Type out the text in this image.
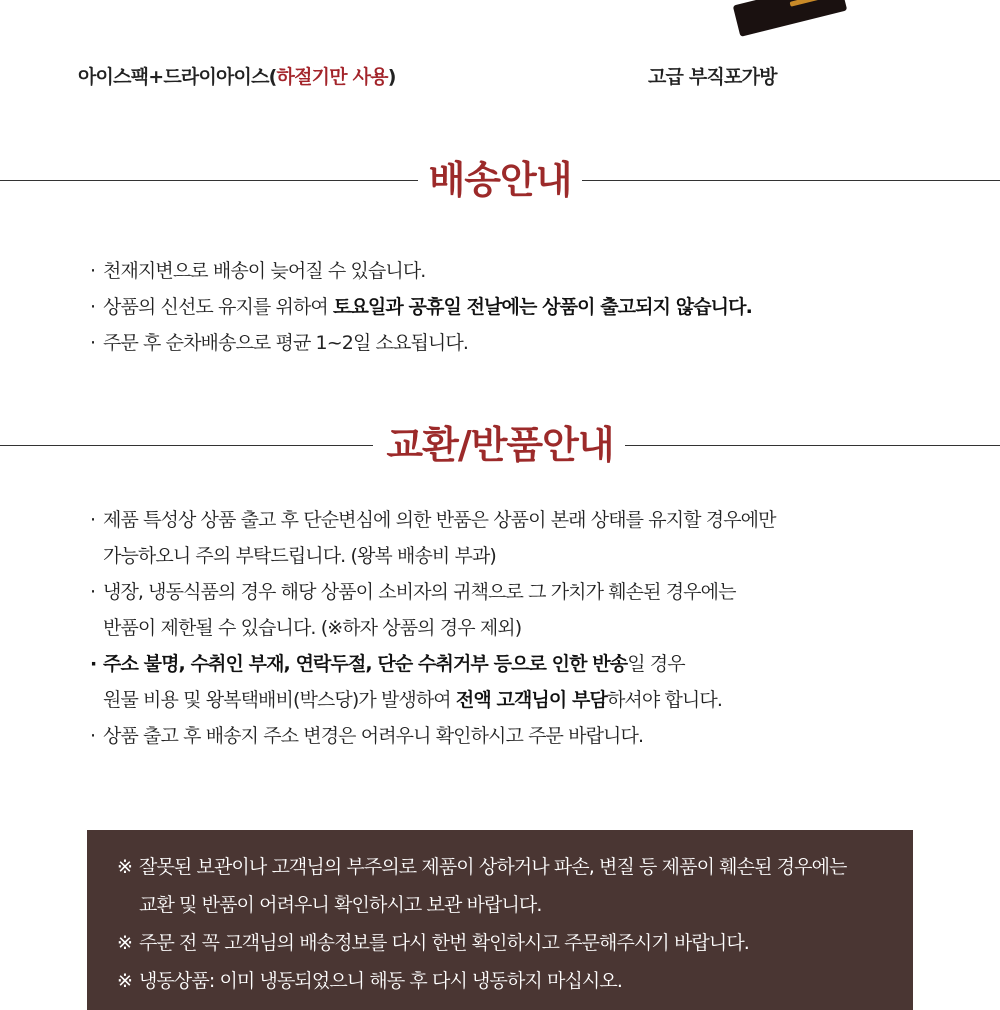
아이스팩+드라이아이스(하절기만 사용)	고급 부직포가방
배송안내
· 천재지변으로 배송이 늦어질 수 있습니다.
· 상품의 신선도 유지를 위하여 토요일과 공휴일 전날에는 상품이 출고되지 않습니다.
· 주문 후 순차배송으로 평균 1~2일 소요됩니다.
교환/반품안내
· 제품 특성상 상품 출고 후 단순변심에 의한 반품은 상품이 본래 상태를 유지할 경우에만
가능하오니 주의 부탁드립니다. (왕복 배송비 부과)
· 냉장, 냉동식품의 경우 해당 상품이 소비자의 귀책으로 그 가치가 훼손된 경우에는
반품이 제한될 수 있습니다. (※하자 상품의 경우 제외)
· 주소 불명, 수취인 부재, 연락두절, 단순 수취거부 등으로 인한 반송일 경우
원물 비용 및 왕복택배비(박스당)가 발생하여 전액 고객님이 부담하셔야 합니다.
· 상품 출고 후 배송지 주소 변경은 어려우니 확인하시고 주문 바랍니다.
※ 잘못된 보관이나 고객님의 부주의로 제품이 상하거나 파손, 변질 등 제품이 훼손된 경우에는
교환 및 반품이 어려우니 확인하시고 보관 바랍니다.
※ 주문 전 꼭 고객님의 배송정보를 다시 한번 확인하시고 주문해주시기 바랍니다.
※ 냉동상품: 이미 냉동되었으니 해동 후 다시 냉동하지 마십시오.
